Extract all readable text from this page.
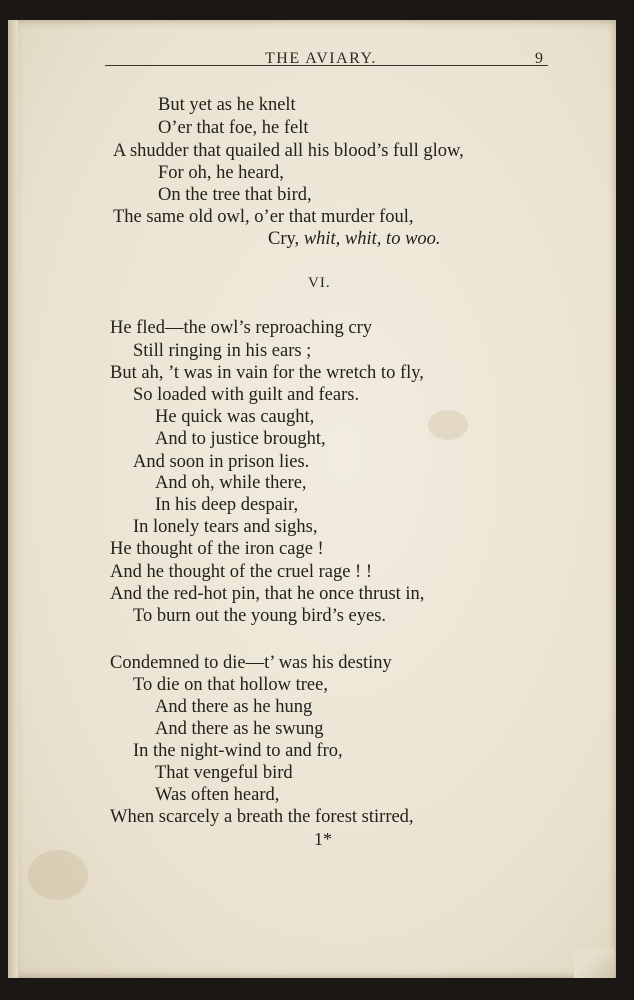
THE AVIARY.	9
But yet as he knelt
O’er that foe, he felt
A shudder that quailed all his blood’s full glow,
For oh, he heard,
On the tree that bird,
The same old owl, o’er that murder foul,
Cry, whit, whit, to woo.
VI.
He fled—the owl’s reproaching cry
Still ringing in his ears ;
But ah, ’t was in vain for the wretch to fly,
So loaded with guilt and fears.
He quick was caught,
And to justice brought,
And soon in prison lies.
And oh, while there,
In his deep despair,
In lonely tears and sighs,
He thought of the iron cage !
And he thought of the cruel rage ! !
And the red-hot pin, that he once thrust in,
To burn out the young bird’s eyes.
Condemned to die—t’ was his destiny
To die on that hollow tree,
And there as he hung
And there as he swung
In the night-wind to and fro,
That vengeful bird
Was often heard,
When scarcely a breath the forest stirred,
1*
